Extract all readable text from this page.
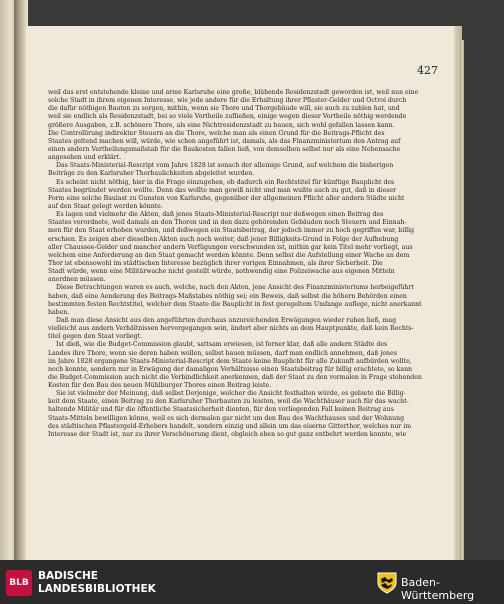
427
weil das erst entstehende kleine und arme Karlsruhe eine große, blühende Residenzstadt geworden ist, weil nun eine
solche Stadt in ihrem eigenen Interesse, wie jede andere für die Erhaltung ihrer Pflaster-Gelder und Octroi durch
die dafür nöthigen Bauten zu sorgen, mithin, wenn sie Thore und Thorgebäude will, sie auch zu zahlen hat, und
weil sie endlich als Residenzstadt, bei so viele Vortheile zufließen, einige wegen dieser Vortheile nöthig werdende
größere Ausgaben, z.B. schönere Thore, als eine Nichtresidenzstadt zu bauen, sich wohl gefallen lassen kann.
Die Controllirung indirekter Steuern an die Thore, welche man als einen Grund für die Beitrags-Pflicht des
Staates geltend machen will, würde, wie schon angeführt ist, damals, als das Finanzministerium den Antrag auf
einen andern Vertheilungsmaßstab für die Baukosten fallen ließ, von demselben selbst nur als eine Nebensache
angesehen und erklärt.
Das Staats-Ministerial-Rescript vom Jahre 1828 ist sonach der alleinige Grund, auf welchem die bisherigen
Beiträge zu den Karlsruher Thorbaulichkeiten abgeleitet wurden.
Es scheint nicht nöthig, hier in die Frage einzugehen, ob dadurch ein Rechtstitel für künftige Bauplicht des
Staates begründet werden wollte. Denn das wollte man gewiß nicht und man wußte auch zu gut, daß in dieser
Form eine solche Baulast zu Gunsten von Karlsruhe, gegenüber der allgemeinen Pflicht aller andern Städte nicht
auf den Staat gelegt werden könnte.
Es lagen und vielmehr die Akten, daß jenes Staats-Ministerial-Rescript nur deßwegen einen Beitrag des
Staates verordnete, weil damals an den Thoren und in den dazu gehörenden Gebäuden noch Steuern und Einnah-
men für den Staat erhoben wurden, und deßwegen ein Staatsbeitrag, der jedoch immer zu hoch gegriffen war, billig
erschien. Es zeigen aber dieselben Akten auch noch weiter, daß jener Billigkeits-Grund in Folge der Aufhebung
aller Chaussee-Gelder und mancher andern Verfügungen verschwunden ist, mithin gar kein Titel mehr vorliegt, aus
welchem eine Anforderung an den Staat gemacht werden könnte. Denn selbst die Aufstellung einer Wache an dem
Thor ist ebensowohl im städtischen Interesse bezüglich ihrer vorigen Einnahmen, als ihrer Sicherheit. Die
Stadt würde, wenn eine Militärwache nicht gestellt würde, nothwendig eine Polizeiwache aus eigenen Mitteln
anordnen müssen.
Diese Betrachtungen waren es auch, welche, nach den Akten, jene Ansicht des Finanzministeriums herbeigeführt
haben, daß eine Aenderung des Beitrags-Maßstabes nöthig sei; ein Beweis, daß selbst die höhern Behörden einen
bestimmten festen Rechtstitel, welcher dem Staate die Bauplicht in fest geregeltem Umfange auflege, nicht anerkannt
haben.
Daß man diese Ansicht aus den angeführten durchaus unzureichenden Erwägungen wieder ruhen ließ, mag
vielleicht aus andern Verhältnissen hervorgegangen sein, ändert aber nichts an dem Hauptpunkte, daß kein Rechts-
titel gegen den Staat vorliegt.
Ist dieß, wie die Budget-Commission glaubt, sattsam erwiesen, ist ferner klar, daß alle andern Städte des
Landes ihre Thore, wenn sie deren haben wollen, selbst bauen müssen, darf man endlich annehmen, daß jenes
im Jahre 1828 ergangene Staats-Ministerial-Rescript dem Staate keine Bauplicht für alle Zukunft aufbürden wollte,
noch konnte, sondern nur in Erwägung der damaligen Verhältnisse einen Staatsbeitrag für billig erachtete, so kann
die Budget-Commission auch nicht die Verbindlichkeit anerkennen, daß der Staat zu den vormalen in Frage stehenden
Kosten für den Bau des neuen Mühlburger Thores einen Beitrag leiste.
Sie ist vielmehr der Meinung, daß selbst Derjenige, welcher die Ansicht festhalten würde, es gebiete die Billig-
keit dem Staate, einen Beitrag zu den Karlsruher Thorbauten zu leisten, weil die Wachthäuser auch für das wacht-
haltende Militär und für die öffentliche Staatssicherheit dienten, für den vorliegenden Fall keinen Beitrag aus
Staats-Mitteln bewilligen könne, weil es sich dermalen gar nicht um den Bau des Wachthauses und der Wohnung
des städtischen Pflastergeld-Erhebers handelt, sondern einzig und allein um das eiserne Gitterthor, welches nur im
Interesse der Stadt ist, nur zu ihrer Verschönerung dient, obgleich eben so gut ganz entbehrt werden konnte, wie
BLB
BADISCHE
LANDESBIBLIOTHEK	Baden-Württemberg
